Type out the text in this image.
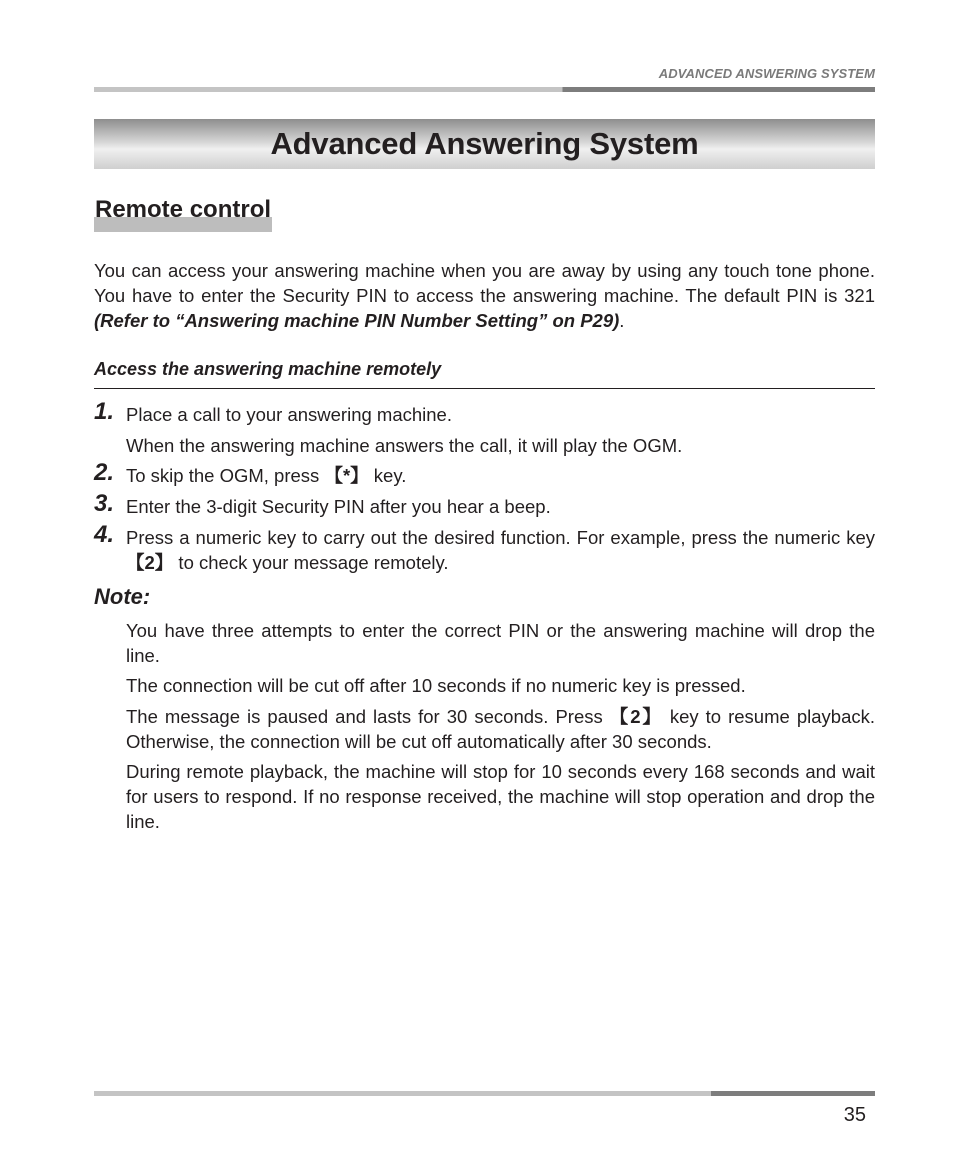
ADVANCED ANSWERING SYSTEM
Advanced Answering System
Remote control

You can access your answering machine when you are away by using any touch tone phone. You have to enter the Security PIN to access the answering machine. The default PIN is 321 (Refer to “Answering machine PIN Number Setting” on P29).

Access the answering machine remotely
1. Place a call to your answering machine.

When the answering machine answers the call, it will play the OGM.

2. To skip the OGM, press 【*】 key.

3. Enter the 3-digit Security PIN after you hear a beep.

4. Press a numeric key to carry out the desired function. For example, press the numeric key 【2】 to check your message remotely.

Note:

You have three attempts to enter the correct PIN or the answering machine will drop the line.

The connection will be cut off after 10 seconds if no numeric key is pressed.

The message is paused and lasts for 30 seconds. Press 【2】 key to resume playback. Otherwise, the connection will be cut off automatically after 30 seconds.

During remote playback, the machine will stop for 10 seconds every 168 seconds and wait for users to respond. If no response received, the machine will stop operation and drop the line.

35
